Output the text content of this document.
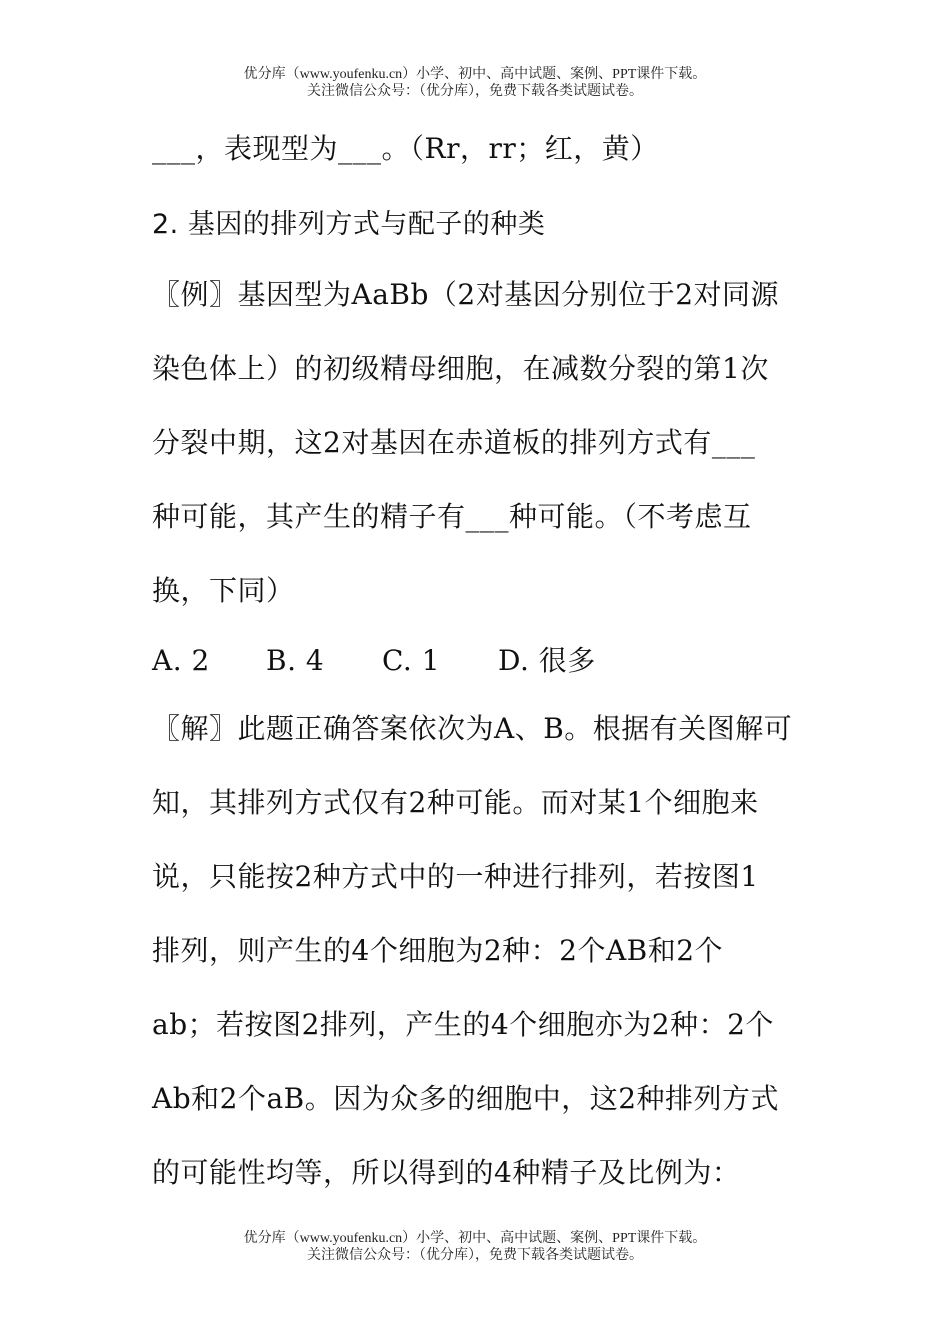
优分库（www.youfenku.cn）小学、初中、高中试题、案例、PPT课件下载。
关注微信公众号：（优分库），免费下载各类试题试卷。
___，表现型为___。（Rr，rr；红，黄）
2. 基因的排列方式与配子的种类
〖例〗基因型为AaBb（2对基因分别位于2对同源
染色体上）的初级精母细胞，在减数分裂的第1次
分裂中期，这2对基因在赤道板的排列方式有___
种可能，其产生的精子有___种可能。（不考虑互
换，下同）
A. 2 B. 4 C. 1 D. 很多
〖解〗此题正确答案依次为A、B。根据有关图解可
知，其排列方式仅有2种可能。而对某1个细胞来
说，只能按2种方式中的一种进行排列，若按图1
排列，则产生的4个细胞为2种：2个AB和2个
ab；若按图2排列，产生的4个细胞亦为2种：2个
Ab和2个aB。因为众多的细胞中，这2种排列方式
的可能性均等，所以得到的4种精子及比例为：
优分库（www.youfenku.cn）小学、初中、高中试题、案例、PPT课件下载。
关注微信公众号：（优分库），免费下载各类试题试卷。
